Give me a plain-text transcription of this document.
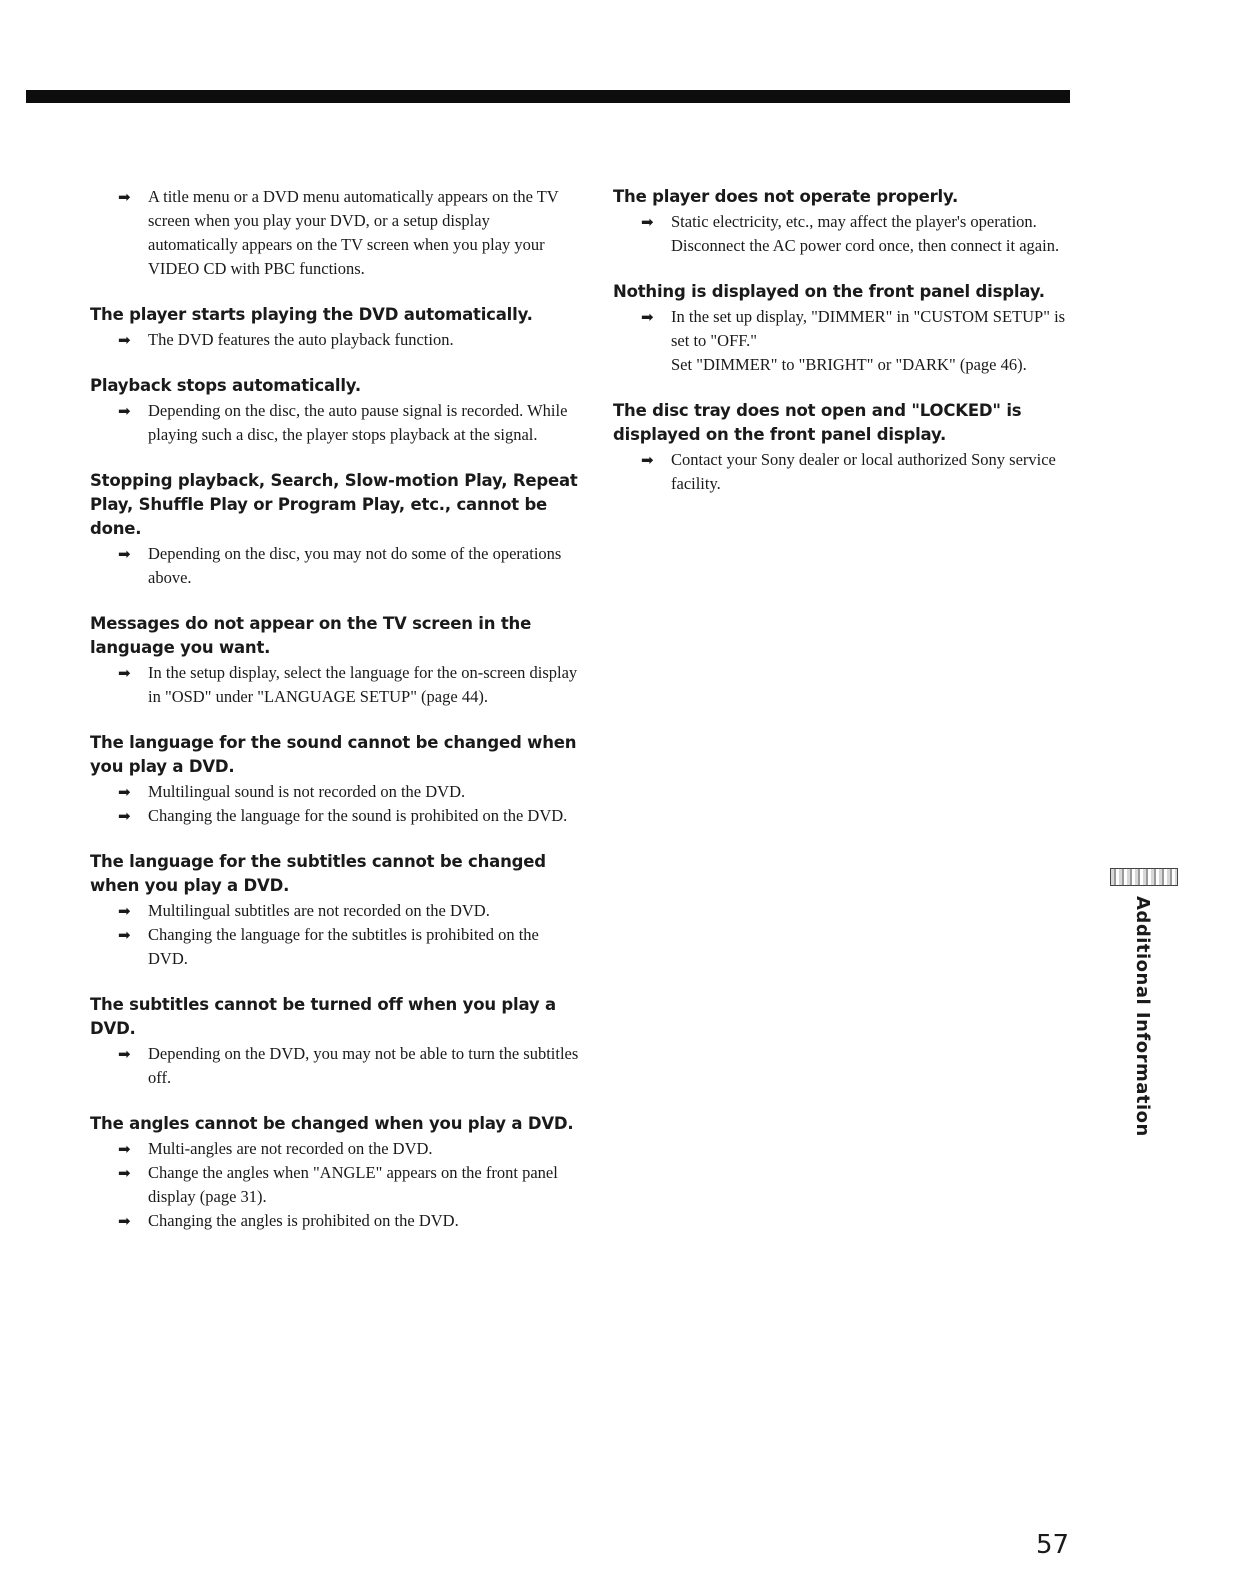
➡	A title menu or a DVD menu automatically appears on the TV screen when you play your DVD, or a setup display automatically appears on the TV screen when you play your VIDEO CD with PBC functions.
The player starts playing the DVD automatically.
➡	The DVD features the auto playback function.
Playback stops automatically.
➡	Depending on the disc, the auto pause signal is recorded. While playing such a disc, the player stops playback at the signal.
Stopping playback, Search, Slow-motion Play, Repeat Play, Shuffle Play or Program Play, etc., cannot be done.
➡	Depending on the disc, you may not do some of the operations above.
Messages do not appear on the TV screen in the language you want.
➡	In the setup display, select the language for the on-screen display in "OSD" under "LANGUAGE SETUP" (page 44).
The language for the sound cannot be changed when you play a DVD.
➡	Multilingual sound is not recorded on the DVD.
➡	Changing the language for the sound is prohibited on the DVD.
The language for the subtitles cannot be changed when you play a DVD.
➡	Multilingual subtitles are not recorded on the DVD.
➡	Changing the language for the subtitles is prohibited on the DVD.
The subtitles cannot be turned off when you play a DVD.
➡	Depending on the DVD, you may not be able to turn the subtitles off.
The angles cannot be changed when you play a DVD.
➡	Multi-angles are not recorded on the DVD.
➡	Change the angles when "ANGLE" appears on the front panel display (page 31).
➡	Changing the angles is prohibited on the DVD.
The player does not operate properly.
➡	Static electricity, etc., may affect the player's operation.
Disconnect the AC power cord once, then connect it again.
Nothing is displayed on the front panel display.
➡	In the set up display, "DIMMER" in "CUSTOM SETUP" is set to "OFF."
Set "DIMMER" to "BRIGHT" or "DARK" (page 46).
The disc tray does not open and "LOCKED" is displayed on the front panel display.
➡	Contact your Sony dealer or local authorized Sony service facility.
Additional Information
57
